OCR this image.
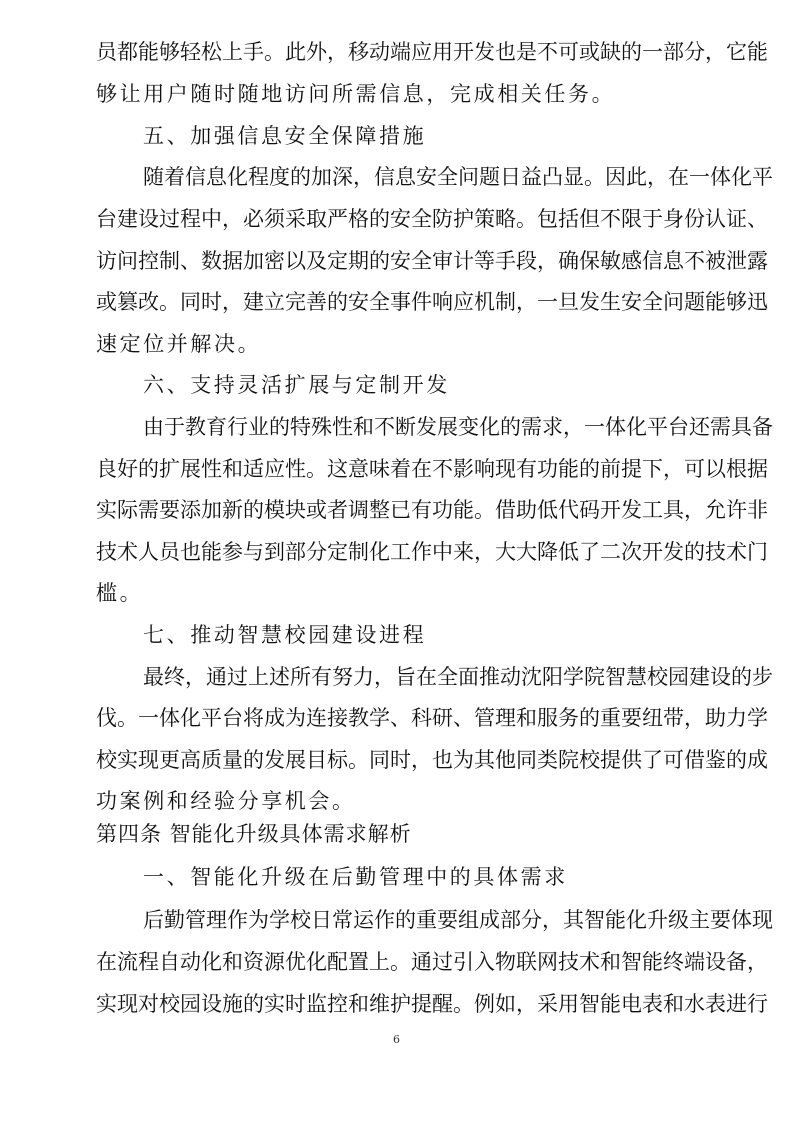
员都能够轻松上手。此外，移动端应用开发也是不可或缺的一部分，它能
够让用户随时随地访问所需信息，完成相关任务。
五、加强信息安全保障措施
随着信息化程度的加深，信息安全问题日益凸显。因此，在一体化平
台建设过程中，必须采取严格的安全防护策略。包括但不限于身份认证、
访问控制、数据加密以及定期的安全审计等手段，确保敏感信息不被泄露
或篡改。同时，建立完善的安全事件响应机制，一旦发生安全问题能够迅
速定位并解决。
六、支持灵活扩展与定制开发
由于教育行业的特殊性和不断发展变化的需求，一体化平台还需具备
良好的扩展性和适应性。这意味着在不影响现有功能的前提下，可以根据
实际需要添加新的模块或者调整已有功能。借助低代码开发工具，允许非
技术人员也能参与到部分定制化工作中来，大大降低了二次开发的技术门
槛。
七、推动智慧校园建设进程
最终，通过上述所有努力，旨在全面推动沈阳学院智慧校园建设的步
伐。一体化平台将成为连接教学、科研、管理和服务的重要纽带，助力学
校实现更高质量的发展目标。同时，也为其他同类院校提供了可借鉴的成
功案例和经验分享机会。
第四条 智能化升级具体需求解析
一、智能化升级在后勤管理中的具体需求
后勤管理作为学校日常运作的重要组成部分，其智能化升级主要体现
在流程自动化和资源优化配置上。通过引入物联网技术和智能终端设备，
实现对校园设施的实时监控和维护提醒。例如，采用智能电表和水表进行
6
